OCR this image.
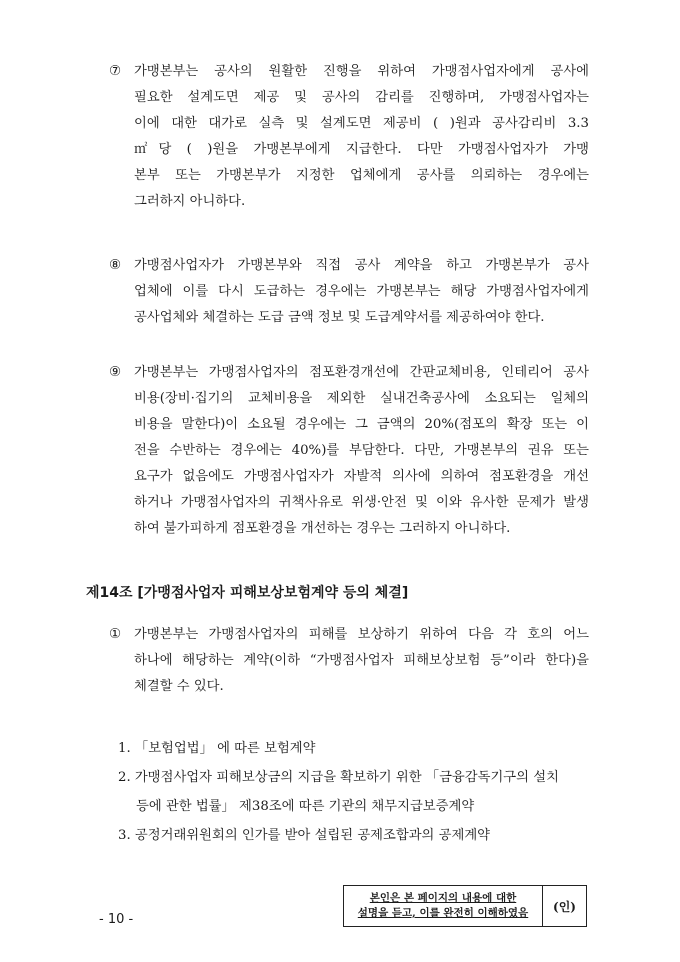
⑦ 가맹본부는 공사의 원활한 진행을 위하여 가맹점사업자에게 공사에
필요한 설계도면 제공 및 공사의 감리를 진행하며, 가맹점사업자는
이에 대한 대가로 실측 및 설계도면 제공비 ( )원과 공사감리비 3.3
㎡당 ( )원을 가맹본부에게 지급한다. 다만 가맹점사업자가 가맹
본부 또는 가맹본부가 지정한 업체에게 공사를 의뢰하는 경우에는
그러하지 아니하다.
⑧ 가맹점사업자가 가맹본부와 직접 공사 계약을 하고 가맹본부가 공사
업체에 이를 다시 도급하는 경우에는 가맹본부는 해당 가맹점사업자에게
공사업체와 체결하는 도급 금액 정보 및 도급계약서를 제공하여야 한다.
⑨ 가맹본부는 가맹점사업자의 점포환경개선에 간판교체비용, 인테리어 공사
비용(장비·집기의 교체비용을 제외한 실내건축공사에 소요되는 일체의
비용을 말한다)이 소요될 경우에는 그 금액의 20%(점포의 확장 또는 이
전을 수반하는 경우에는 40%)를 부담한다. 다만, 가맹본부의 권유 또는
요구가 없음에도 가맹점사업자가 자발적 의사에 의하여 점포환경을 개선
하거나 가맹점사업자의 귀책사유로 위생·안전 및 이와 유사한 문제가 발생
하여 불가피하게 점포환경을 개선하는 경우는 그러하지 아니하다.
제14조 [가맹점사업자 피해보상보험계약 등의 체결]
① 가맹본부는 가맹점사업자의 피해를 보상하기 위하여 다음 각 호의 어느
하나에 해당하는 계약(이하 “가맹점사업자 피해보상보험 등”이라 한다)을
체결할 수 있다.
1. 「보험업법」 에 따른 보험계약
2. 가맹점사업자 피해보상금의 지급을 확보하기 위한 「금융감독기구의 설치
등에 관한 법률」 제38조에 따른 기관의 채무지급보증계약
3. 공정거래위원회의 인가를 받아 설립된 공제조합과의 공제계약
- 10 -
본인은 본 페이지의 내용에 대한
설명을 듣고, 이를 완전히 이해하였음	(인)
